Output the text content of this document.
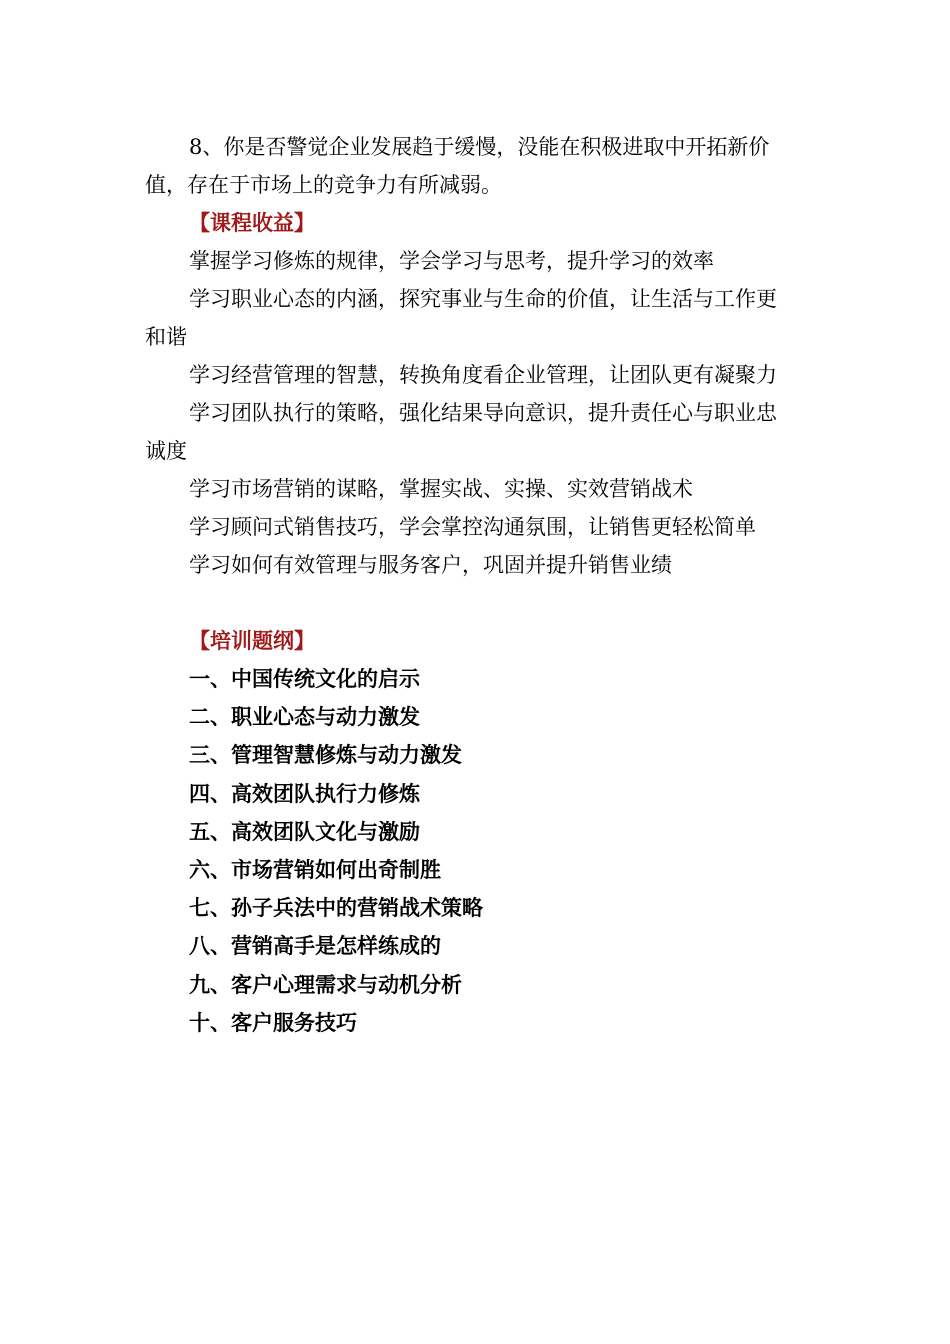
8、你是否警觉企业发展趋于缓慢，没能在积极进取中开拓新价

值，存在于市场上的竞争力有所减弱。

【课程收益】

掌握学习修炼的规律，学会学习与思考，提升学习的效率

学习职业心态的内涵，探究事业与生命的价值，让生活与工作更

和谐

学习经营管理的智慧，转换角度看企业管理，让团队更有凝聚力

学习团队执行的策略，强化结果导向意识，提升责任心与职业忠

诚度

学习市场营销的谋略，掌握实战、实操、实效营销战术

学习顾问式销售技巧，学会掌控沟通氛围，让销售更轻松简单

学习如何有效管理与服务客户，巩固并提升销售业绩

【培训题纲】

一、中国传统文化的启示

二、职业心态与动力激发

三、管理智慧修炼与动力激发

四、高效团队执行力修炼

五、高效团队文化与激励

六、市场营销如何出奇制胜

七、孙子兵法中的营销战术策略

八、营销高手是怎样练成的

九、客户心理需求与动机分析

十、客户服务技巧
